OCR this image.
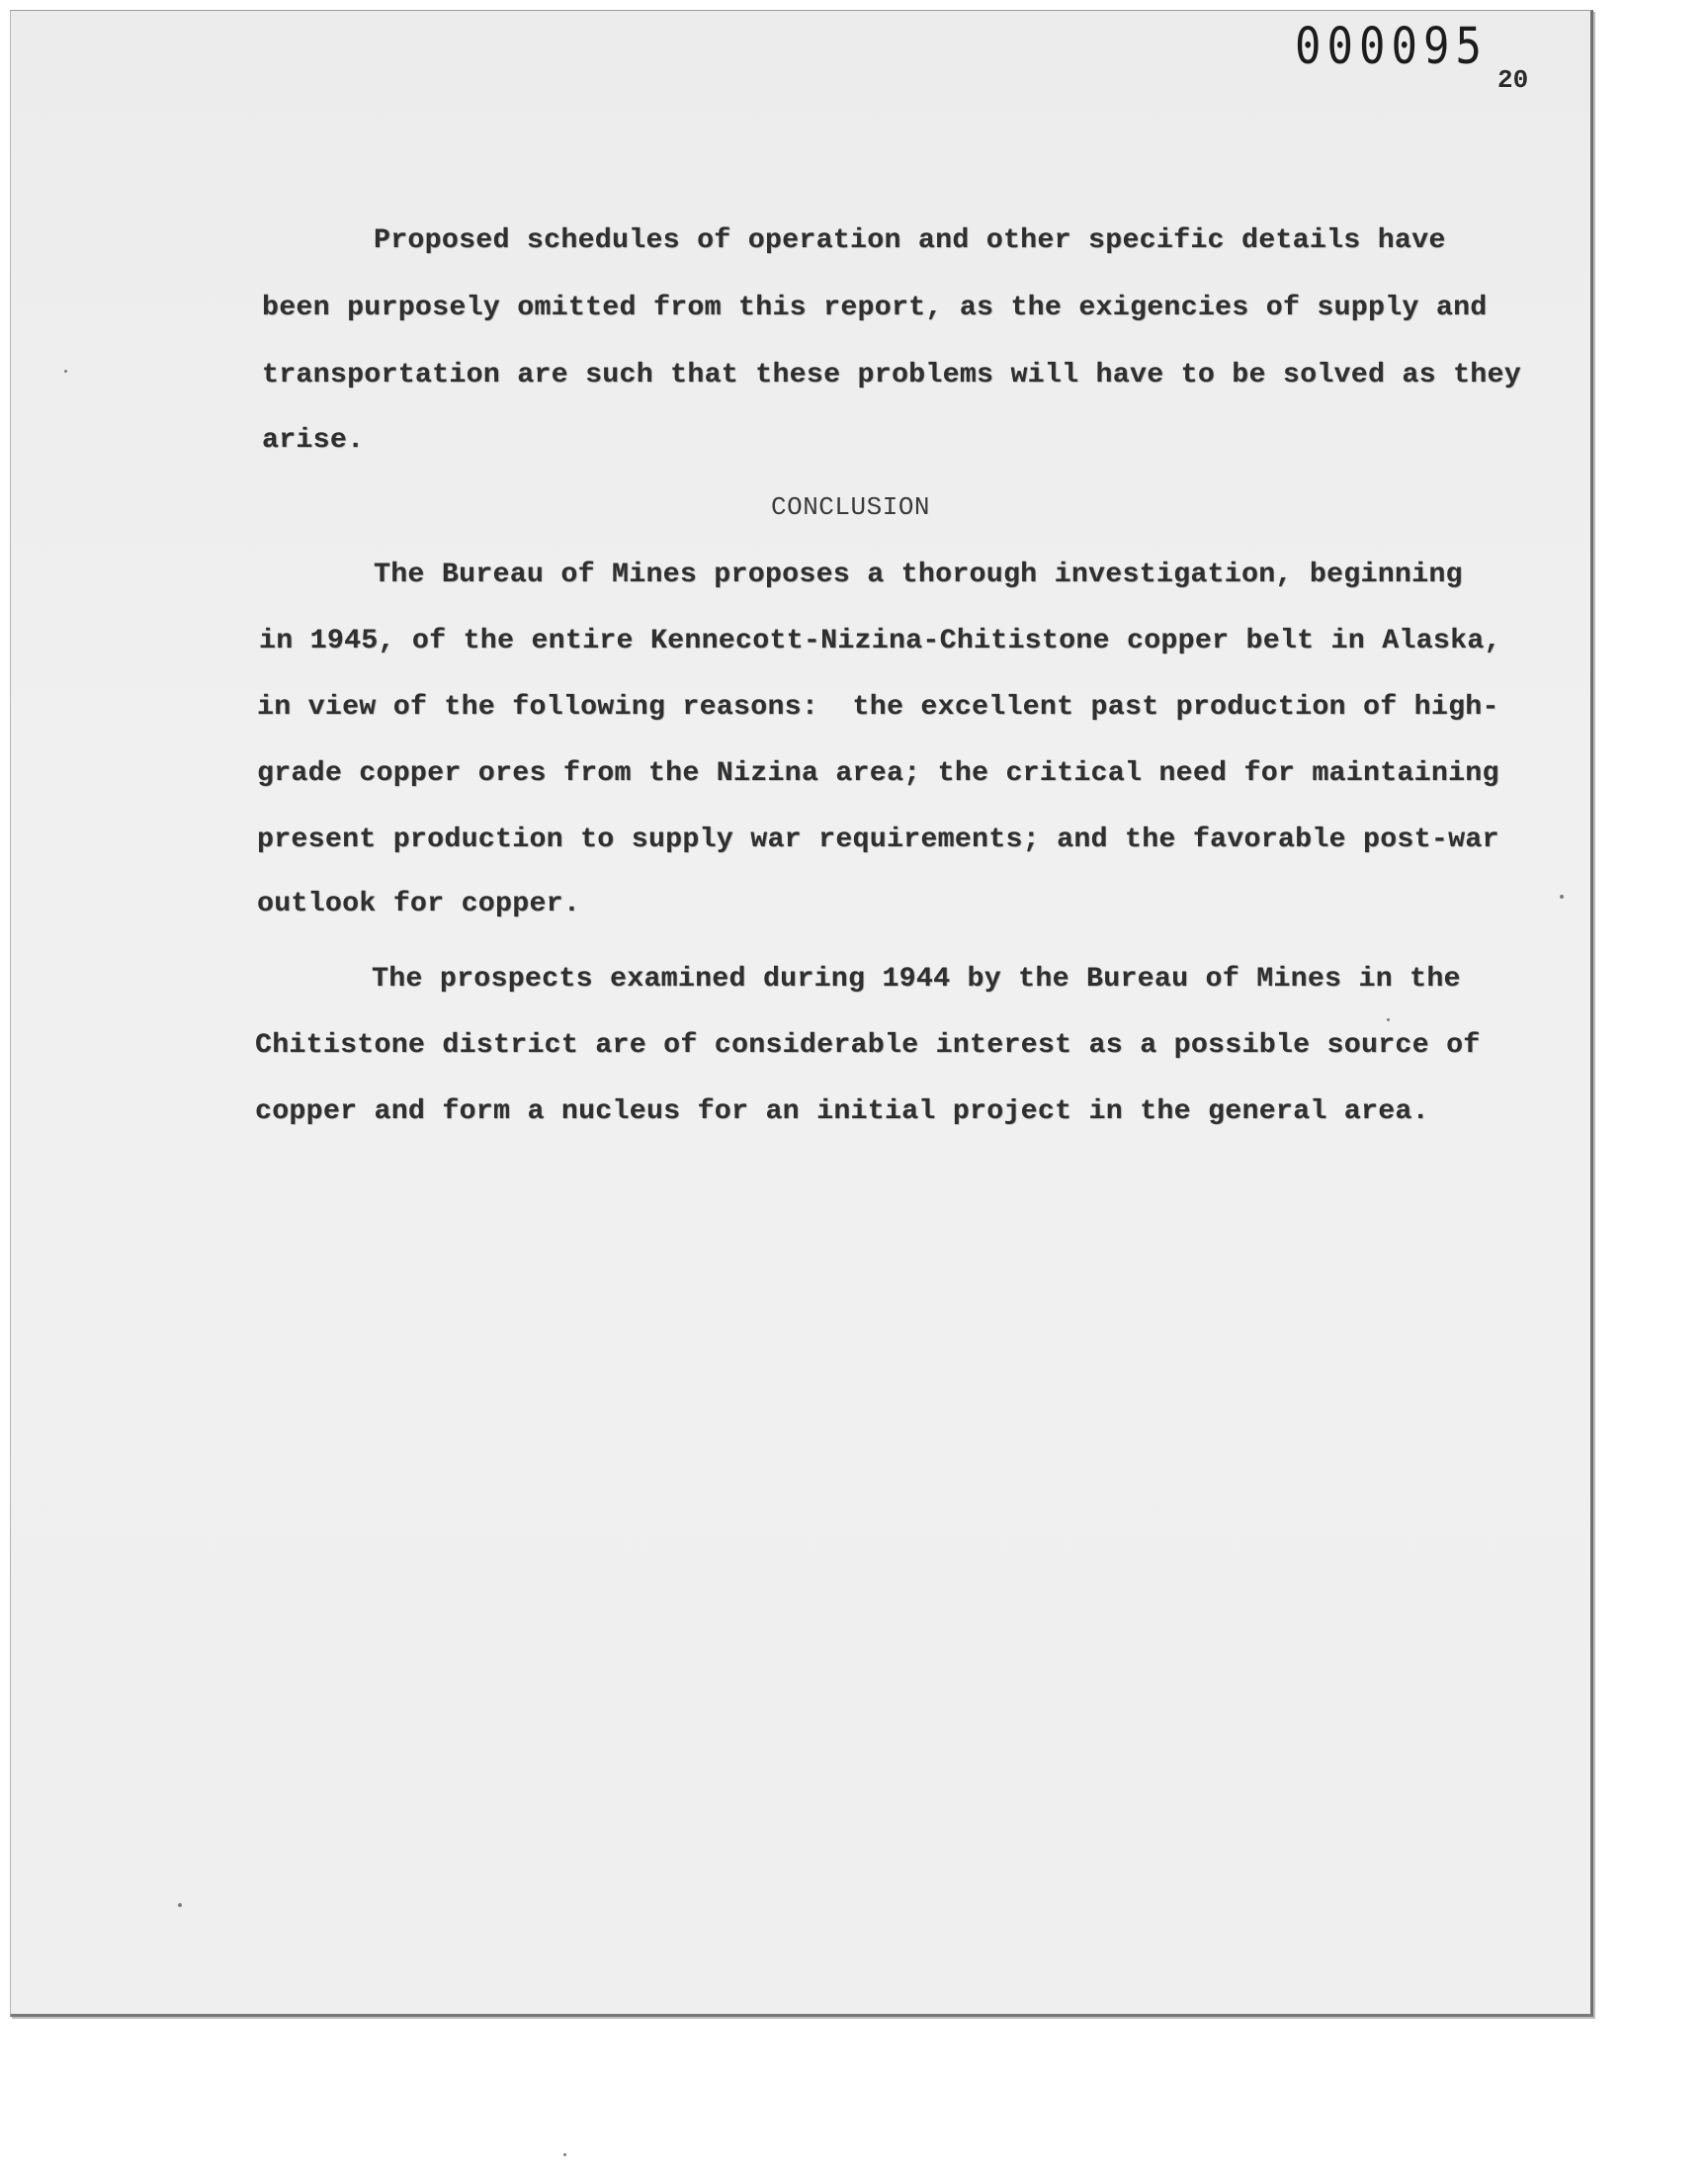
000095
20
Proposed schedules of operation and other specific details have
been purposely omitted from this report, as the exigencies of supply and
transportation are such that these problems will have to be solved as they
arise.
CONCLUSION
The Bureau of Mines proposes a thorough investigation, beginning
in 1945, of the entire Kennecott-Nizina-Chitistone copper belt in Alaska,
in view of the following reasons:  the excellent past production of high-
grade copper ores from the Nizina area; the critical need for maintaining
present production to supply war requirements; and the favorable post-war
outlook for copper.
The prospects examined during 1944 by the Bureau of Mines in the
Chitistone district are of considerable interest as a possible source of
copper and form a nucleus for an initial project in the general area.
